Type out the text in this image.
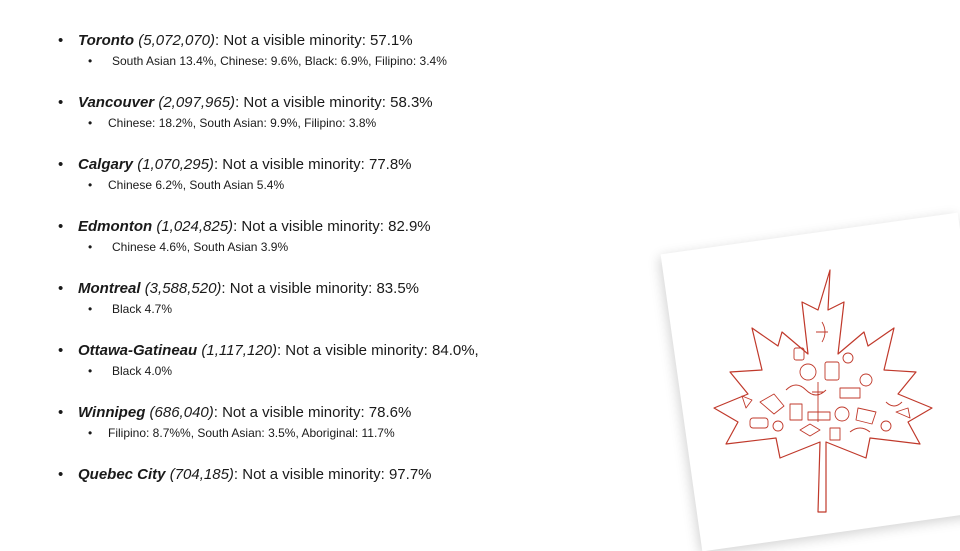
• Toronto (5,072,070): Not a visible minority: 57.1%
• South Asian 13.4%, Chinese: 9.6%, Black: 6.9%, Filipino: 3.4%
• Vancouver (2,097,965): Not a visible minority: 58.3%
• Chinese: 18.2%, South Asian: 9.9%, Filipino: 3.8%
• Calgary (1,070,295): Not a visible minority: 77.8%
• Chinese 6.2%, South Asian 5.4%
• Edmonton (1,024,825): Not a visible minority: 82.9%
• Chinese 4.6%, South Asian 3.9%
• Montreal (3,588,520): Not a visible minority: 83.5%
• Black 4.7%
• Ottawa-Gatineau (1,117,120): Not a visible minority: 84.0%,
• Black 4.0%
• Winnipeg (686,040): Not a visible minority: 78.6%
• Filipino: 8.7%%, South Asian: 3.5%, Aboriginal: 11.7%
• Quebec City (704,185): Not a visible minority: 97.7%
